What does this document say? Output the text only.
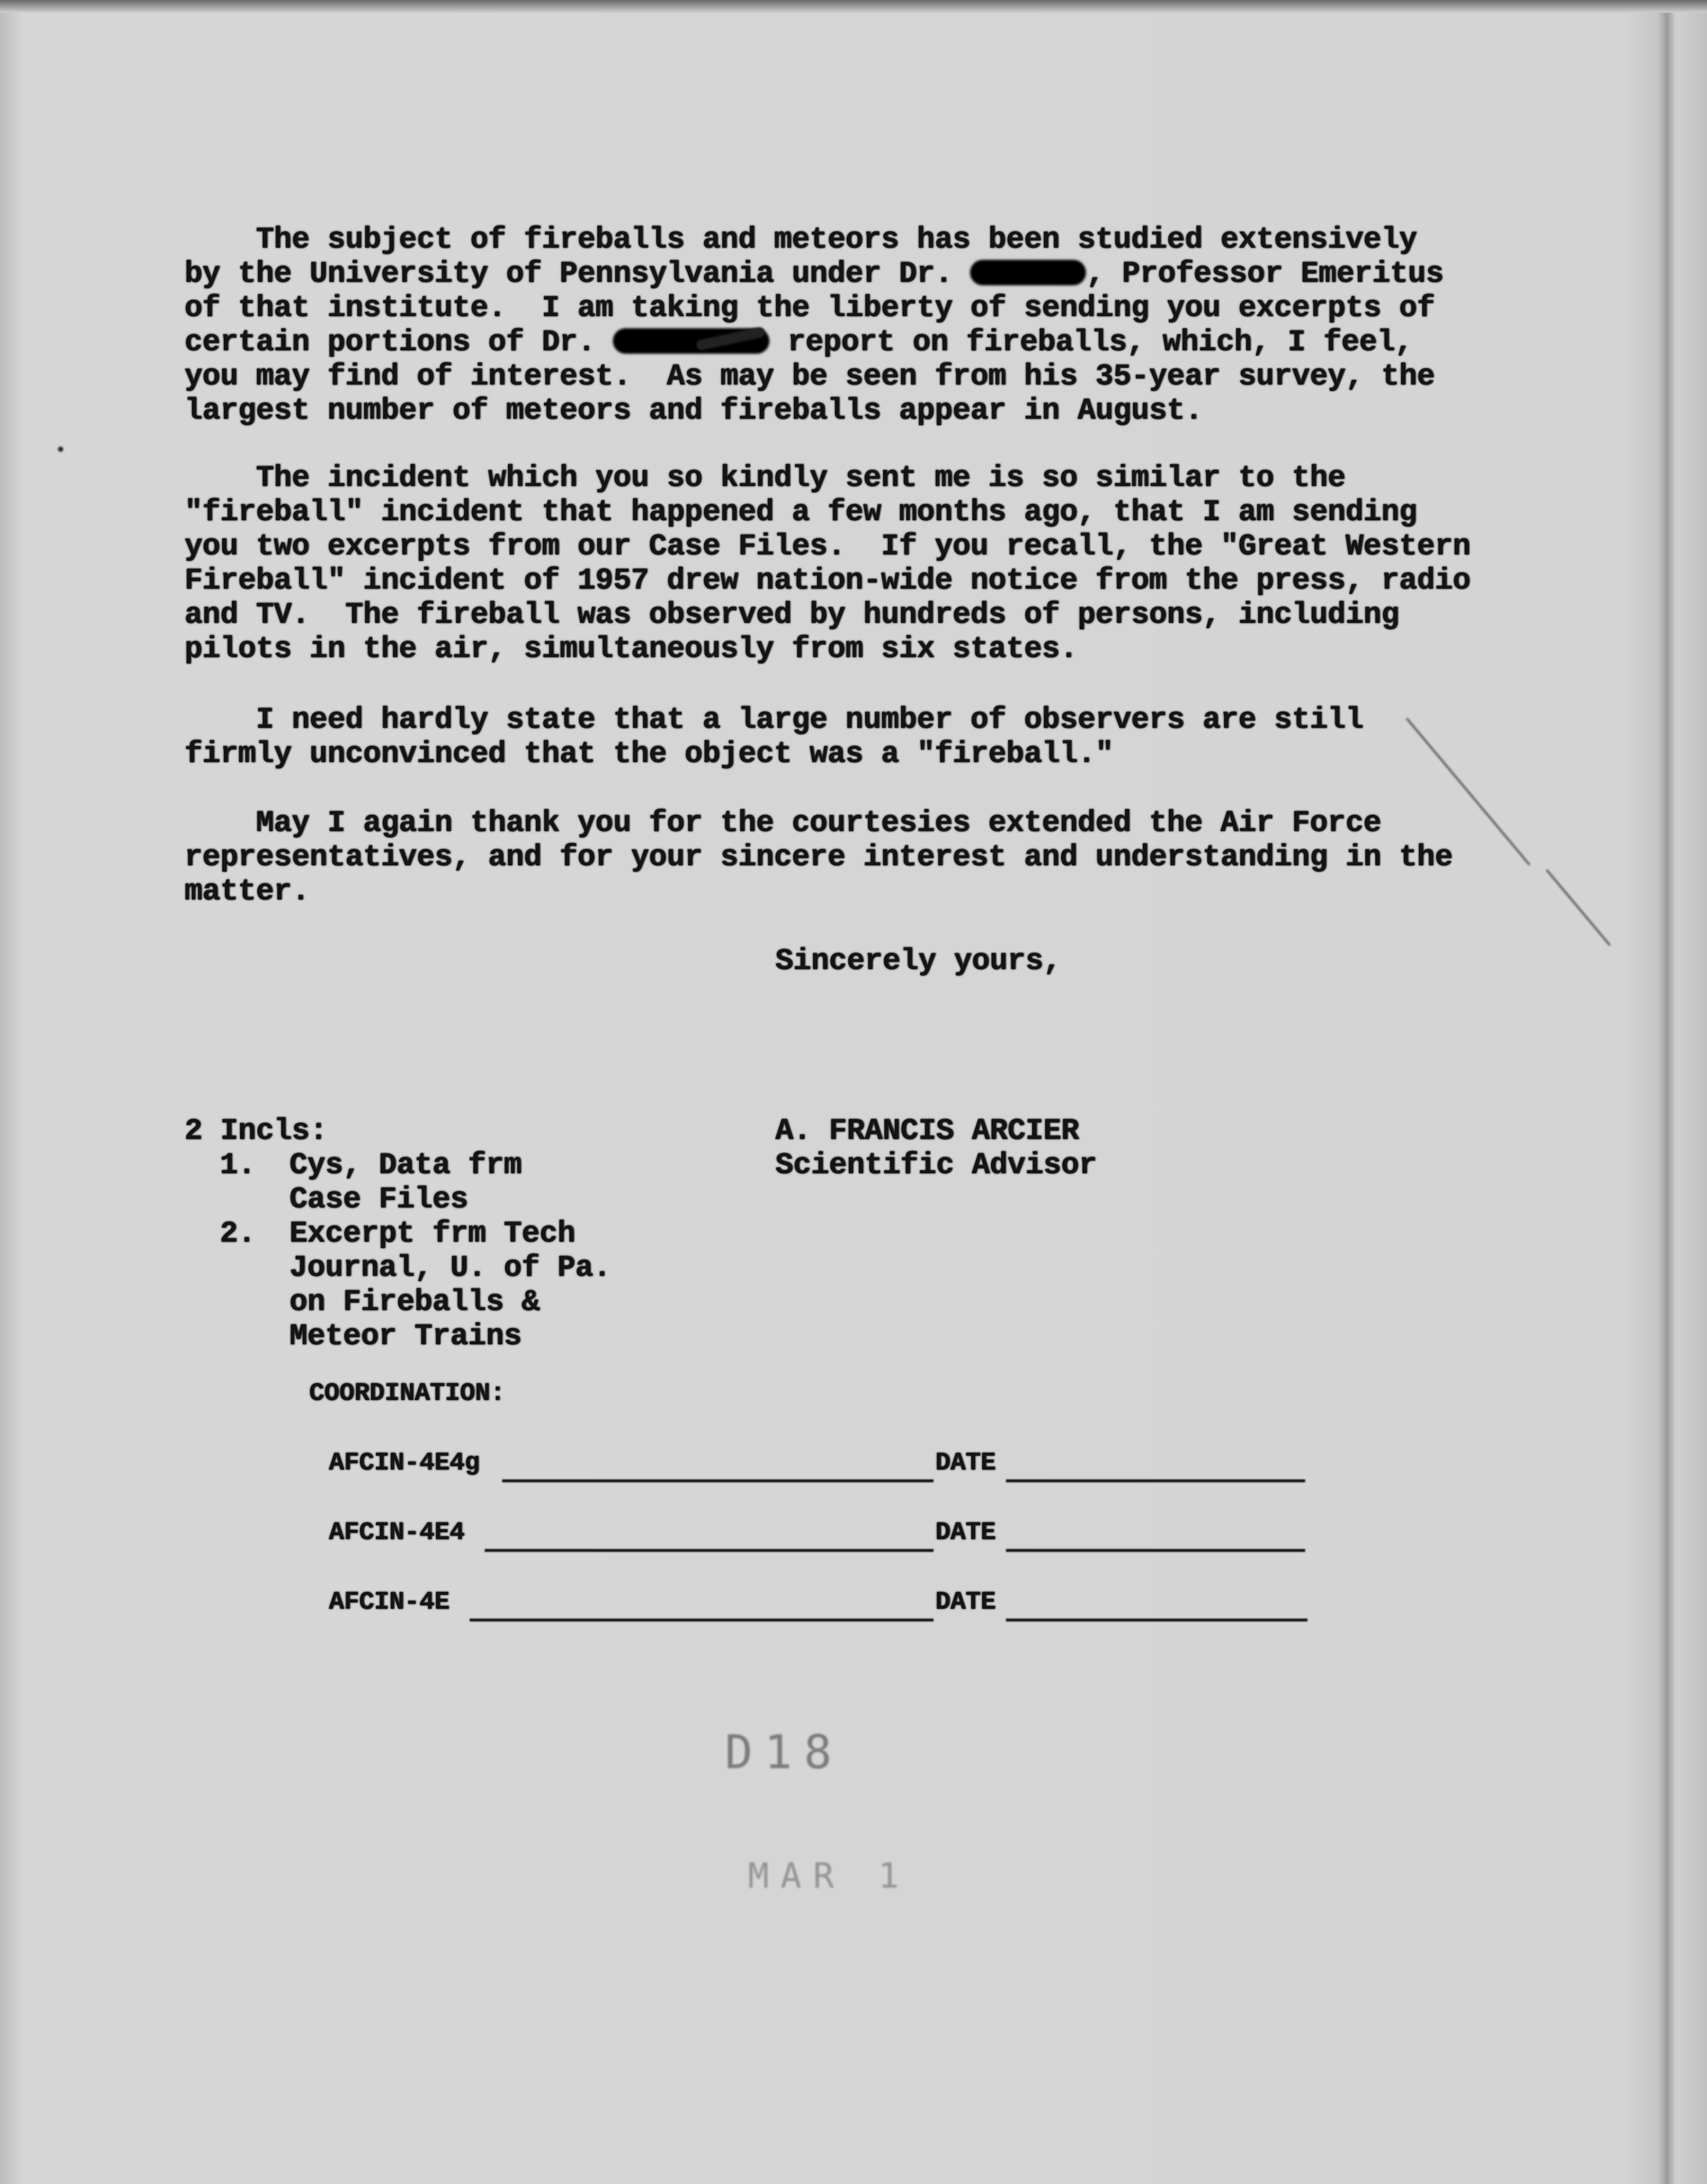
The subject of fireballs and meteors has been studied extensively
by the University of Pennsylvania under Dr.	, Professor Emeritus
of that institute.  I am taking the liberty of sending you excerpts of
certain portions of Dr.	report on fireballs, which, I feel,
you may find of interest.  As may be seen from his 35-year survey, the
largest number of meteors and fireballs appear in August.
The incident which you so kindly sent me is so similar to the
"fireball" incident that happened a few months ago, that I am sending
you two excerpts from our Case Files.  If you recall, the "Great Western
Fireball" incident of 1957 drew nation-wide notice from the press, radio
and TV.  The fireball was observed by hundreds of persons, including
pilots in the air, simultaneously from six states.
I need hardly state that a large number of observers are still
firmly unconvinced that the object was a "fireball."
May I again thank you for the courtesies extended the Air Force
representatives, and for your sincere interest and understanding in the
matter.
Sincerely yours,
A. FRANCIS ARCIER
Scientific Advisor
2 Incls:
1. Cys, Data frm
Case Files
2. Excerpt frm Tech
Journal, U. of Pa.
on Fireballs &
Meteor Trains
COORDINATION:
AFCIN-4E4g	DATE
AFCIN-4E4	DATE
AFCIN-4E	DATE
D18
MAR 1
